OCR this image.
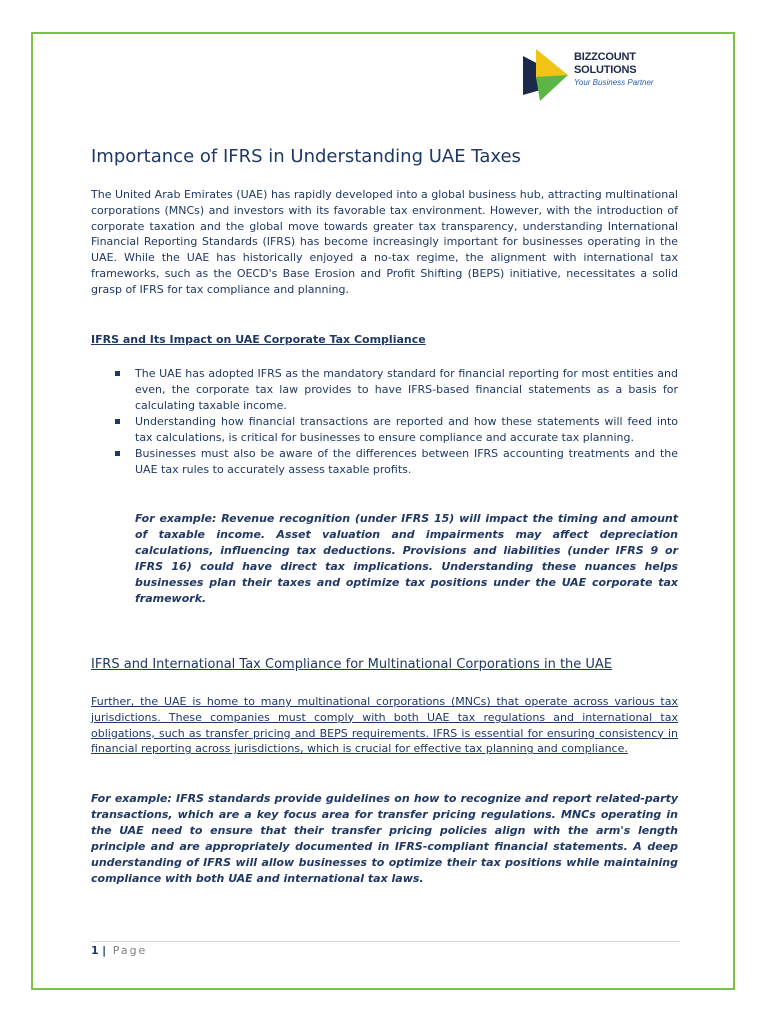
BIZZCOUNT
SOLUTIONS
Your Business Partner
Importance of IFRS in Understanding UAE Taxes

The United Arab Emirates (UAE) has rapidly developed into a global business hub, attracting multinational corporations (MNCs) and investors with its favorable tax environment. However, with the introduction of corporate taxation and the global move towards greater tax transparency, understanding International Financial Reporting Standards (IFRS) has become increasingly important for businesses operating in the UAE. While the UAE has historically enjoyed a no-tax regime, the alignment with international tax frameworks, such as the OECD's Base Erosion and Profit Shifting (BEPS) initiative, necessitates a solid grasp of IFRS for tax compliance and planning.

IFRS and Its Impact on UAE Corporate Tax Compliance
The UAE has adopted IFRS as the mandatory standard for financial reporting for most entities and even, the corporate tax law provides to have IFRS-based financial statements as a basis for calculating taxable income.
Understanding how financial transactions are reported and how these statements will feed into tax calculations, is critical for businesses to ensure compliance and accurate tax planning.
Businesses must also be aware of the differences between IFRS accounting treatments and the UAE tax rules to accurately assess taxable profits.

For example: Revenue recognition (under IFRS 15) will impact the timing and amount of taxable income. Asset valuation and impairments may affect depreciation calculations, influencing tax deductions. Provisions and liabilities (under IFRS 9 or IFRS 16) could have direct tax implications. Understanding these nuances helps businesses plan their taxes and optimize tax positions under the UAE corporate tax framework.

IFRS and International Tax Compliance for Multinational Corporations in the UAE

Further, the UAE is home to many multinational corporations (MNCs) that operate across various tax jurisdictions. These companies must comply with both UAE tax regulations and international tax obligations, such as transfer pricing and BEPS requirements. IFRS is essential for ensuring consistency in financial reporting across jurisdictions, which is crucial for effective tax planning and compliance.

For example: IFRS standards provide guidelines on how to recognize and report related-party transactions, which are a key focus area for transfer pricing regulations. MNCs operating in the UAE need to ensure that their transfer pricing policies align with the arm's length principle and are appropriately documented in IFRS-compliant financial statements. A deep understanding of IFRS will allow businesses to optimize their tax positions while maintaining compliance with both UAE and international tax laws.

1 | Page
